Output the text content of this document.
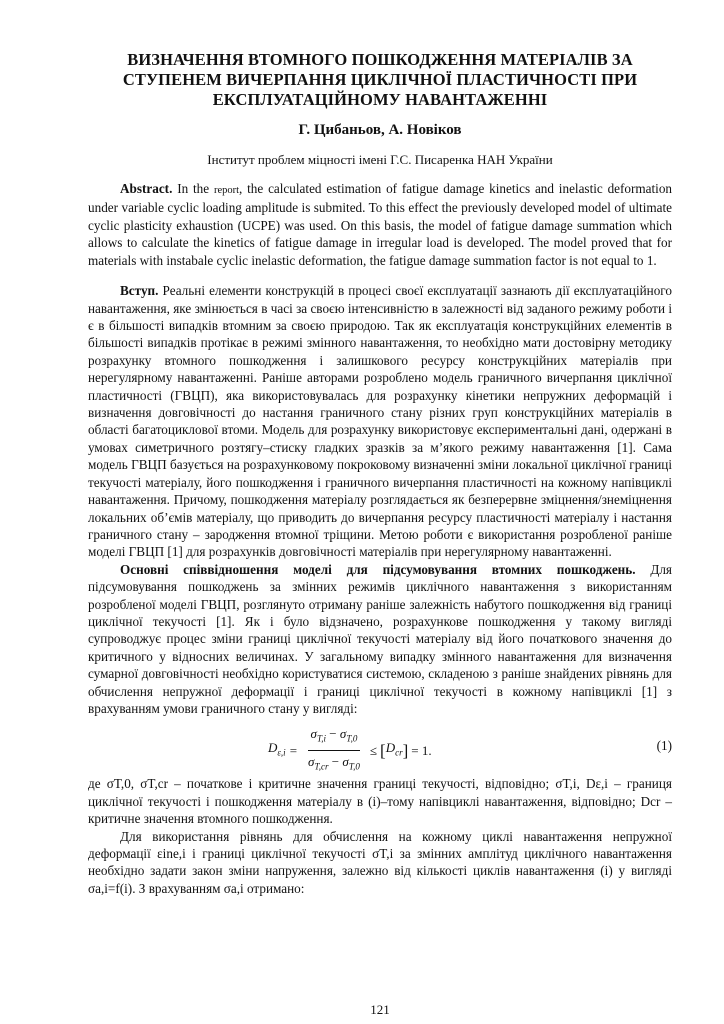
ВИЗНАЧЕННЯ ВТОМНОГО ПОШКОДЖЕННЯ МАТЕРІАЛІВ ЗА
СТУПЕНЕМ ВИЧЕРПАННЯ ЦИКЛІЧНОЇ ПЛАСТИЧНОСТІ ПРИ
ЕКСПЛУАТАЦІЙНОМУ НАВАНТАЖЕННІ
Г. Цибаньов, А. Новіков
Інститут проблем міцності імені Г.С. Писаренка НАН України

Abstract. In the report, the calculated estimation of fatigue damage kinetics and inelastic deformation under variable cyclic loading amplitude is submited. To this effect the previously developed model of ultimate cyclic plasticity exhaustion (UCPE) was used. On this basis, the model of fatigue damage summation which allows to calculate the kinetics of fatigue damage in irregular load is developed. The model proved that for materials with instabale cyclic inelastic deformation, the fatigue damage summation factor is not equal to 1.

Вступ. Реальні елементи конструкцій в процесі своєї експлуатації зазнають дії експлуатаційного навантаження, яке змінюється в часі за своєю інтенсивністю в залежності від заданого режиму роботи і є в більшості випадків втомним за своєю природою. Так як експлуатація конструкційних елементів в більшості випадків протікає в режимі змінного навантаження, то необхідно мати достовірну методику розрахунку втомного пошкодження і залишкового ресурсу конструкційних матеріалів при нерегулярному навантаженні. Раніше авторами розроблено модель граничного вичерпання циклічної пластичності (ГВЦП), яка використовувалась для розрахунку кінетики непружних деформацій і визначення довговічності до настання граничного стану різних груп конструкційних матеріалів в області багатоциклової втоми. Модель для розрахунку використовує експериментальні дані, одержані в умовах симетричного розтягу–стиску гладких зразків за м’якого режиму навантаження [1]. Сама модель ГВЦП базується на розрахунковому покроковому визначенні зміни локальної циклічної границі текучості матеріалу, його пошкодження і граничного вичерпання пластичності на кожному напівциклі навантаження. Причому, пошкодження матеріалу розглядається як безперервне зміцнення/знеміцнення локальних об’ємів матеріалу, що приводить до вичерпання ресурсу пластичності матеріалу і настання граничного стану – зародження втомної тріщини. Метою роботи є використання розробленої раніше моделі ГВЦП [1] для розрахунків довговічності матеріалів при нерегулярному навантаженні.

Основні співвідношення моделі для підсумовування втомних пошкоджень. Для підсумовування пошкоджень за змінних режимів циклічного навантаження з використанням розробленої моделі ГВЦП, розглянуто отриману раніше залежність набутого пошкодження від границі циклічної текучості [1]. Як і було відзначено, розрахункове пошкодження у такому вигляді супроводжує процес зміни границі циклічної текучості матеріалу від його початкового значення до критичного у відносних величинах. У загальному випадку змінного навантаження для визначення сумарної довговічності необхідно користуватися системою, складеною з раніше знайдених рівнянь для обчислення непружної деформації і границі циклічної текучості в кожному напівциклі [1] з врахуванням умови граничного стану у вигляді:

$D_{\varepsilon,i} = \frac{\sigma_{T,i} - \sigma_{T,0}}{\sigma_{T,cr} - \sigma_{T,0}}$ ≤ [ $D_{cr}$ ] = 1.	(1)

де σT,0, σT,cr – початкове і критичне значення границі текучості, відповідно; σT,i, Dε,i – границя циклічної текучості і пошкодження матеріалу в (i)–тому напівциклі навантаження, відповідно; Dcr – критичне значення втомного пошкодження.

Для використання рівнянь для обчислення на кожному циклі навантаження непружної деформації εine,i і границі циклічної текучості σT,i за змінних амплітуд циклічного навантаження необхідно задати закон зміни напруження, залежно від кількості циклів навантаження (i) у вигляді σa,i=f(i). З врахуванням σa,i отримано:

121
